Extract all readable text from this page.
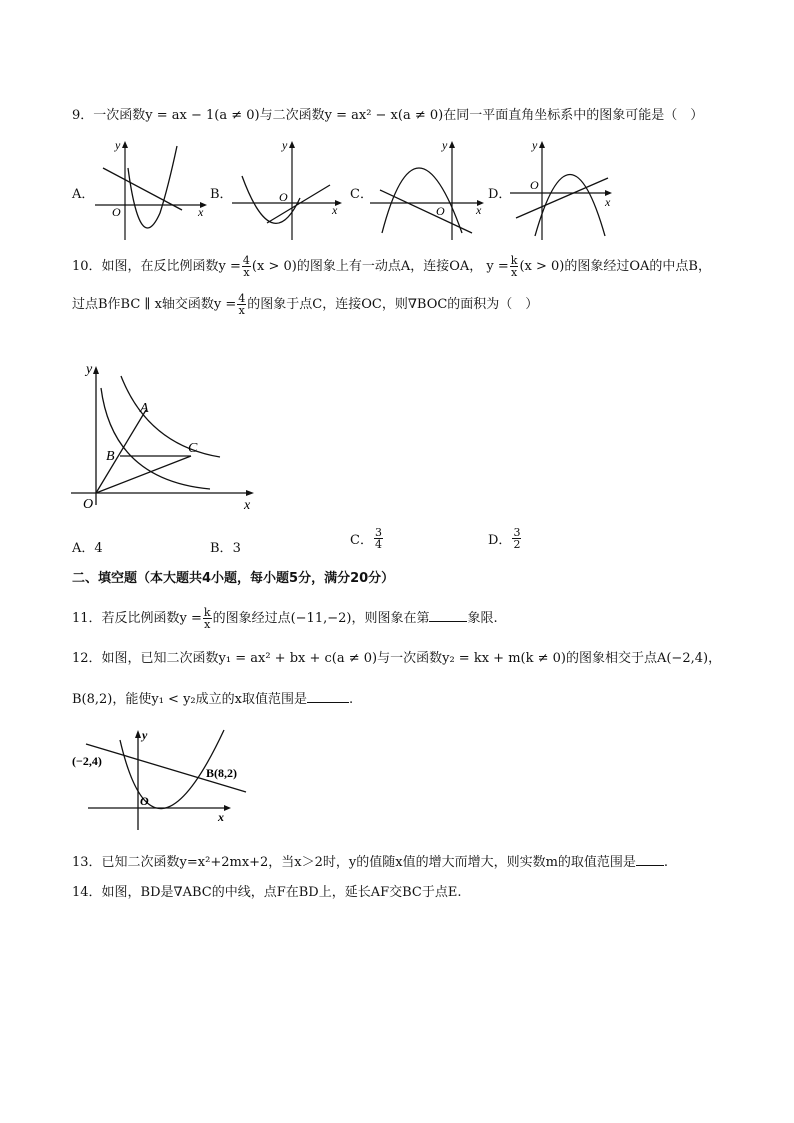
9．一次函数y = ax − 1(a ≠ 0)与二次函数y = ax² − x(a ≠ 0)在同一平面直角坐标系中的图象可能是（　）
A．
y
x
O
B．
y
x
O	C．
y
x
O
D．
y
x
O
10．如图，在反比例函数$y = \frac{4}{x} (x > 0)$的图象上有一动点A，连接OA， $y = \frac{k}{x} (x > 0)$的图象经过OA的中点B，
过点B作BC ∥ x轴交函数$y = \frac{4}{x}$ 的图象于点C，连接OC，则∇BOC的面积为（　）
y
x
O
A
B
C
A．4	B．3
C． $\frac{3}{4}$	D． $\frac{3}{2}$
二、填空题（本大题共4小题，每小题5分，满分20分）
11．若反比例函数$y = \frac{k}{x}$ 的图象经过点(−11,−2)，则图象在第	象限.
12．如图，已知二次函数y₁ = ax² + bx + c(a ≠ 0)与一次函数y₂ = kx + m(k ≠ 0)的图象相交于点A(−2,4)，
B(8,2)，能使y₁ < y₂成立的x取值范围是	.
(−2,4)
B(8,2)
y
x
O
13．已知二次函数y=x²+2mx+2，当x＞2时，y的值随x值的增大而增大，则实数m的取值范围是 .
14．如图，BD是∇ABC的中线，点F在BD上，延长AF交BC于点E.
